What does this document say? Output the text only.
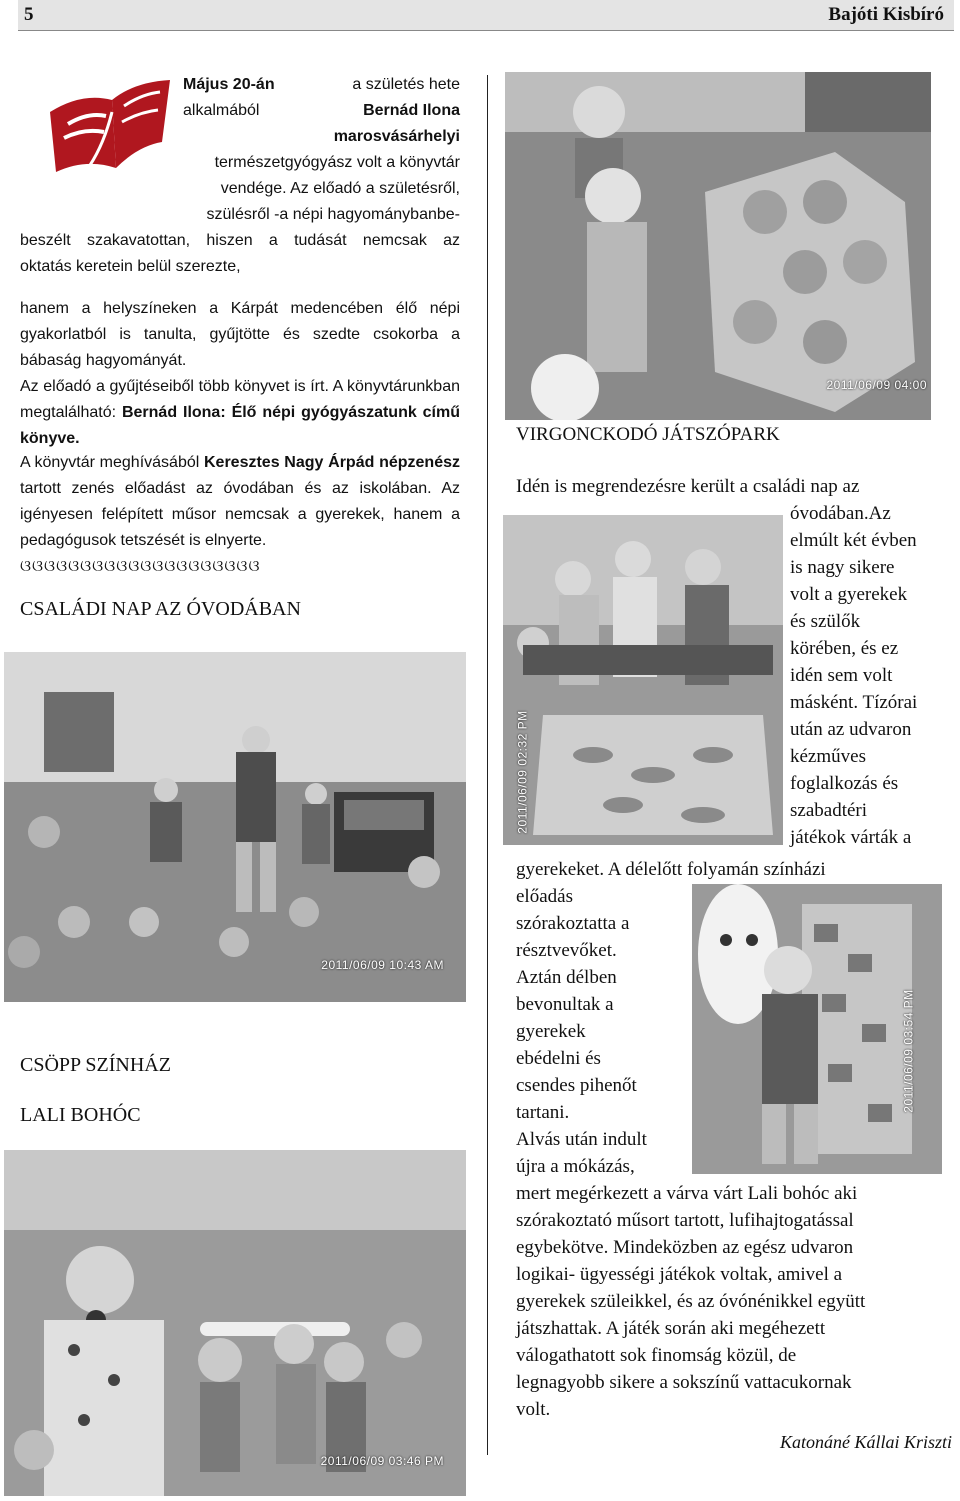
5	Bajóti Kisbíró
Május 20-án	a születés hete
alkalmából	Bernád Ilona
marosvásárhelyi
természetgyógyász volt a könyvtár
vendége. Az előadó a születésről,
szülésről -a népi hagyománybanbe-
beszélt szakavatottan, hiszen a tudását nemcsak az
oktatás keretein belül szerezte,
hanem a helyszíneken a Kárpát medencében élő népi gyakorlatból is tanulta, gyűjtötte és szedte csokorba a bábaság hagyományát.
Az előadó a gyűjtéseiből több könyvet is írt. A könyvtárunkban megtalálható: Bernád Ilona: Élő népi gyógyászatunk című könyve.
A könyvtár meghívásából Keresztes Nagy Árpád népzenész tartott zenés előadást az óvodában és az iskolában. Az igényesen felépített műsor nemcsak a gyerekek, hanem a pedagógusok tetszését is elnyerte.
ଓଓଓଓଓଓଓଓଓଓଓଓଓଓଓଓଓଓଓଓ
CSALÁDI NAP AZ ÓVODÁBAN
2011/06/09 10:43 AM
CSÖPP SZÍNHÁZ
LALI BOHÓC
2011/06/09 03:46 PM
2011/06/09 04:00
VIRGONCKODÓ JÁTSZÓPARK
2011/06/09 02:32 PM
2011/06/09 03:54 PM
Idén is megrendezésre került a családi nap az
óvodában.Az
elmúlt két évben
is nagy sikere
volt a gyerekek
és szülők
körében, és ez
idén sem volt
másként. Tízórai
után az udvaron
kézműves
foglalkozás és
szabadtéri
játékok várták a
gyerekeket. A délelőtt folyamán színházi
előadás
szórakoztatta a
résztvevőket.
Aztán délben
bevonultak a
gyerekek
ebédelni és
csendes pihenőt
tartani.
Alvás után indult
újra a mókázás,
mert megérkezett a várva várt Lali bohóc aki
szórakoztató műsort tartott, lufihajtogatással
egybekötve. Mindeközben az egész udvaron
logikai- ügyességi játékok voltak, amivel a
gyerekek szüleikkel, és az óvónénikkel együtt
játszhattak. A játék során aki megéhezett
válogathatott sok finomság közül, de
legnagyobb sikere a sokszínű vattacukornak
volt.
Katonáné Kállai Kriszti
